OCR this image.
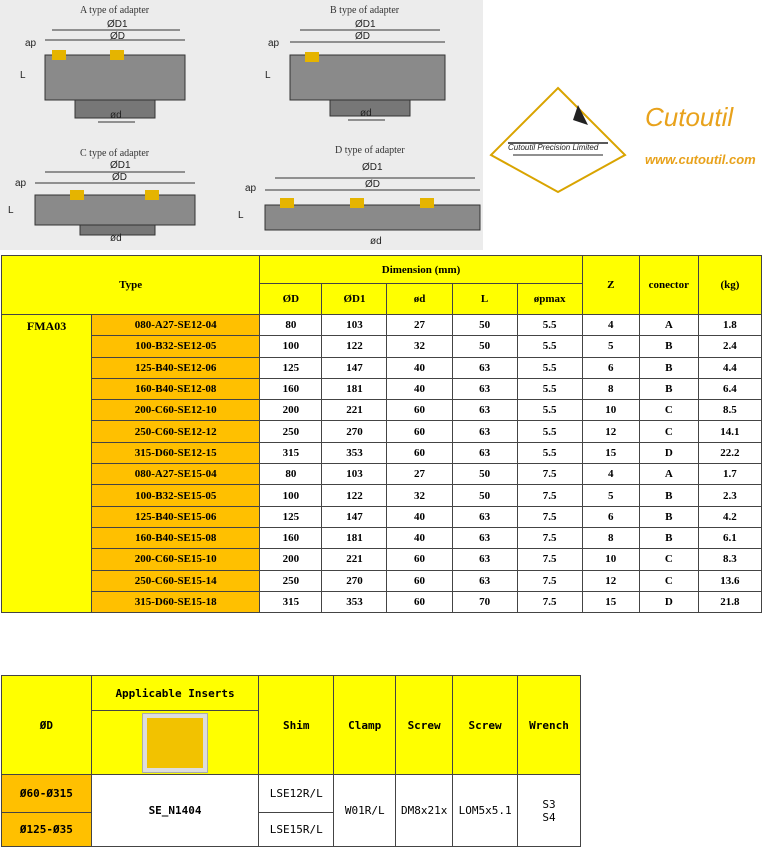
A type of adapter	B type of adapter
C type of adapter	D type of adapter
ØD1
ØD
ap
L
ød
ØD1
ØD
ap
L
ød
ØD1
ØD
ap
L
ød
ØD1
ØD
ap
L
ød
Cutoutil Precision Limited
Cutoutil
www.cutoutil.com
Type		Dimension (mm)					Z	conector	(kg)
		ØD	ØD1	ød	L	øpmax			
FMA03	080-A27-SE12-04	80	103	27	50	5.5	4	A	1.8
	100-B32-SE12-05	100	122	32	50	5.5	5	B	2.4
	125-B40-SE12-06	125	147	40	63	5.5	6	B	4.4
	160-B40-SE12-08	160	181	40	63	5.5	8	B	6.4
	200-C60-SE12-10	200	221	60	63	5.5	10	C	8.5
	250-C60-SE12-12	250	270	60	63	5.5	12	C	14.1
	315-D60-SE12-15	315	353	60	63	5.5	15	D	22.2
	080-A27-SE15-04	80	103	27	50	7.5	4	A	1.7
	100-B32-SE15-05	100	122	32	50	7.5	5	B	2.3
	125-B40-SE15-06	125	147	40	63	7.5	6	B	4.2
	160-B40-SE15-08	160	181	40	63	7.5	8	B	6.1
	200-C60-SE15-10	200	221	60	63	7.5	10	C	8.3
	250-C60-SE15-14	250	270	60	63	7.5	12	C	13.6
	315-D60-SE15-18	315	353	60	70	7.5	15	D	21.8
ØD	Applicable Inserts	Shim	Clamp	Screw	Screw	Wrench

Ø60-Ø315	SE_N1404	LSE12R/L	W01R/L	DM8x21x	LOM5x5.1	S3
S4

Ø125-Ø35		LSE15R/L				
